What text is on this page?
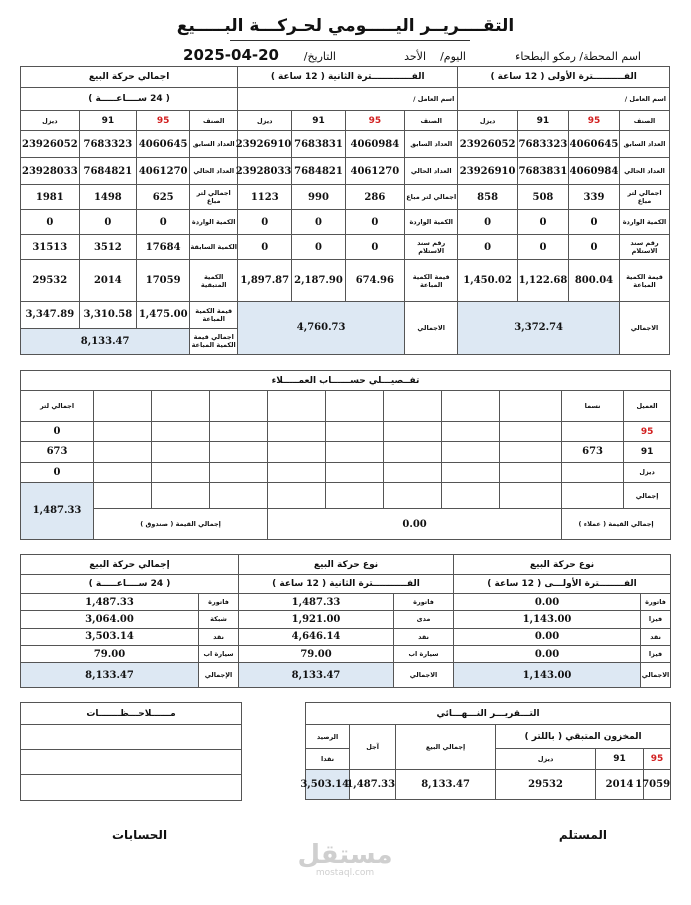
التقــــريــر اليـــــومي لحـركـــة البـــــيع
اسم المحطة/
رمكو البطحاء
اليوم/
الأحد
التاريخ/
2025-04-20
الفــــــــــترة الأولى ( 12 ساعة )				الفـــــــــــــترة الثانية ( 12 ساعة )				اجمالي حركة البيع			
اسم العامل /				اسم العامل /				( 24 ســــاعـــــة )			
الصنف	95	91	ديزل	الصنف	95	91	ديزل	الصنف	95	91	ديزل
العداد السابق	4060645	7683323	23926052	العداد السابق	4060984	7683831	23926910	العداد السابق	4060645	7683323	23926052
العداد الحالي	4060984	7683831	23926910	العداد الحالي	4061270	7684821	23928033	العداد الحالي	4061270	7684821	23928033
اجمالي لتر مباع	339	508	858	اجمالي لتر مباع	286	990	1123	اجمالي لتر مباع	625	1498	1981
الكمية الواردة	0	0	0	الكمية الواردة	0	0	0	الكمية الواردة	0	0	0
رقم سند الاستلام	0	0	0	رقم سند الاستلام	0	0	0	الكمية السابقة	17684	3512	31513
قيمة الكمية المباعة	800.04	1,122.68	1,450.02	قيمة الكمية المباعة	674.96	2,187.90	1,897.87	الكمية المتبقية	17059	2014	29532
الاجمالي	3,372.74			الاجمالي	4,760.73			قيمة الكمية المباعة	1,475.00	3,310.58	3,347.89
								اجمالي قيمة الكمية المباعة	8,133.47		
تفــصيـــلي حســــــاب العمـــــلاء										
العميل	نسما									اجمالي لتر
95										0
91	673									673
ديزل										0
إجمالي										1,487.33
إجمالي القيمة ( عملاء )		0.00					إجمالي القيمة ( صندوق )			
نوع حركة البيع		نوع حركة البيع		إجمالي حركة البيع	
الفــــــــترة الأولـــى ( 12 ساعة )		الفـــــــــــترة الثانية ( 12 ساعة )		( 24 ســــاعـــــة )	
فاتورة	0.00	فاتورة	1,487.33	فاتورة	1,487.33
فيزا	1,143.00	مدى	1,921.00	شبكة	3,064.00
نقد	0.00	نقد	4,646.14	نقد	3,503.14
فيزا	0.00	سيارة اب	79.00	سيارة اب	79.00
الاجمالي	1,143.00	الاجمالي	8,133.47	الإجمالي	8,133.47
التـــقريـــر النـــهـــائي					
المخزون المتبقي ( باللتر )			إجمالي البيع	آجل	الرصيد
95	91	ديزل			نقدا
17059	2014	29532	8,133.47	1,487.33	3,503.14
مــــــلاحـــظـــــــات

المستلم
الحسابات
مستقل
mostaql.com
